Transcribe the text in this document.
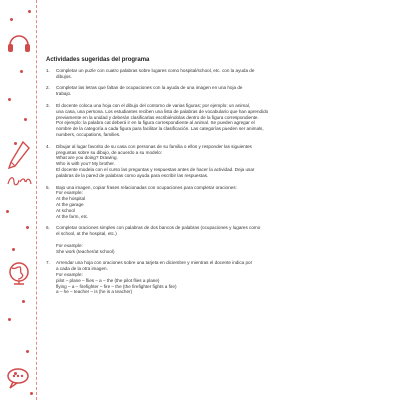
Actividades sugeridas del programa
1. Completar un puzle con cuatro palabras sobre lugares como hospital/school, etc. con la ayuda de
dibujos.
2. Completar las letras que faltan de ocupaciones con la ayuda de una imagen en una hoja de
trabajo.
3. El docente coloca una hoja con el dibujo del contorno de varias figuras; por ejemplo: un animal,
una casa, una persona. Los estudiantes reciben una lista de palabras de vocabulario que han aprendido
previamente en la unidad y deberán clasificarlas escribiéndolas dentro de la figura correspondiente.
Por ejemplo: la palabra cat deberá ir en la figura correspondiente al animal. Se pueden agregar el
nombre de la categoría a cada figura para facilitar la clasificación. Las categorías pueden ser animals,
numbers, occupations, families.
4. Dibujar al lugar favorito de su casa con personas de su familia o ellos y responder las siguientes
preguntas sobre su dibujo, de acuerdo a su modelo:
What are you doing? Drawing.
Who is with you? My brother.
El docente modela con el curso las preguntas y respuestas antes de hacer la actividad. Deja usar
palabras de la pared de palabras como ayuda para escribir las respuestas.
5. Bajo una imagen, copiar frases relacionadas con ocupaciones para completar oraciones:
For example:
At the hospital
At the garage
At school
At the farm, etc.
6. Completar oraciones simples con palabras de dos bancos de palabras (ocupaciones y lugares como
el school, at the hospital, etc.)
For example:
She work (teacher/at school)
7. Arrendar una hoja con oraciones sobre una tarjeta en diciembre y mientras el docente indica por
a cada de la otra imagen.
For example:
pilot – plane – flies – a – the (the pilot flies a plane)
flying – a – firefighter – fire – the (the firefighter fights a fire)
a – he – teacher – is (he is a teacher)
